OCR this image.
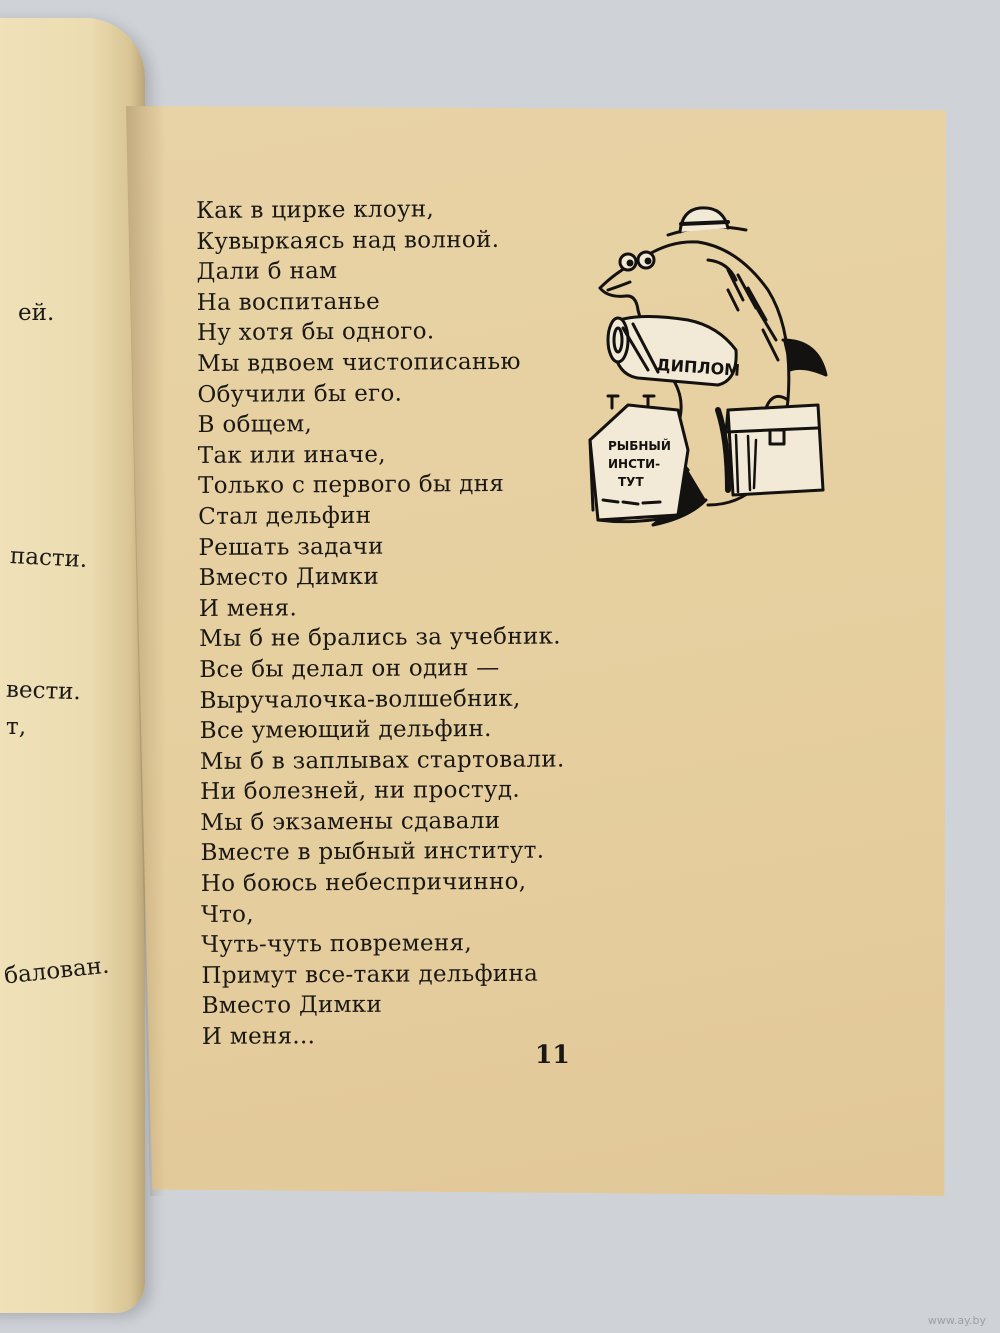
ей.
пасти.
вести.
т,
балован.
Как в цирке клоун,
Кувыркаясь над волной.
Дали б нам
На воспитанье
Ну хотя бы одного.
Мы вдвоем чистописанью
Обучили бы его.
В общем,
Так или иначе,
Только с первого бы дня
Стал дельфин
Решать задачи
Вместо Димки
И меня.
Мы б не брались за учебник.
Все бы делал он один —
Выручалочка-волшебник,
Все умеющий дельфин.
Мы б в заплывах стартовали.
Ни болезней, ни простуд.
Мы б экзамены сдавали
Вместе в рыбный институт.
Но боюсь небеспричинно,
Что,
Чуть-чуть повременя,
Примут все-таки дельфина
Вместо Димки
И меня...
11
ДИПЛОМ
РЫБНЫЙ
ИНСТИ-
ТУТ
www.ay.by
